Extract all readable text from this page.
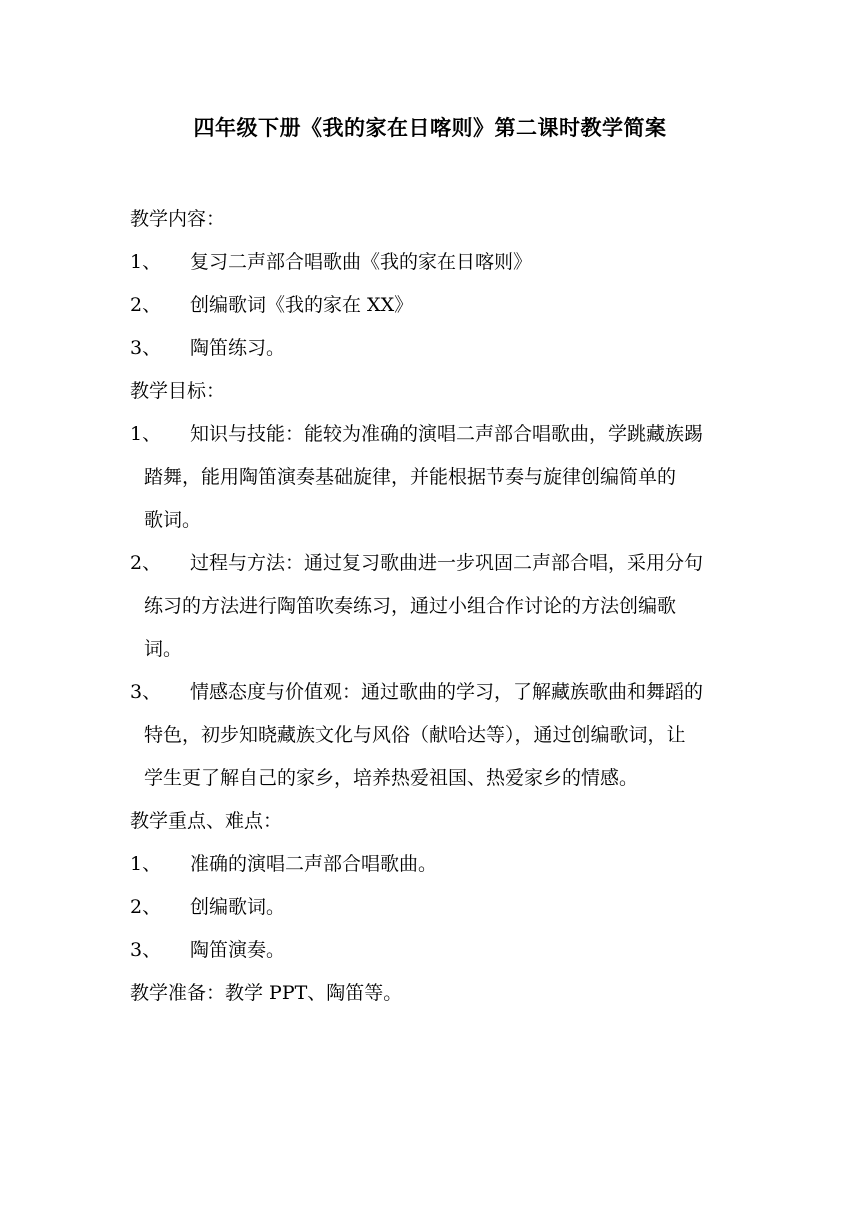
四年级下册《我的家在日喀则》第二课时教学简案

教学内容：

1、 复习二声部合唱歌曲《我的家在日喀则》

2、 创编歌词《我的家在 XX》

3、 陶笛练习。

教学目标：

1、 知识与技能：能较为准确的演唱二声部合唱歌曲，学跳藏族踢
踏舞，能用陶笛演奏基础旋律，并能根据节奏与旋律创编简单的
歌词。
2、 过程与方法：通过复习歌曲进一步巩固二声部合唱，采用分句
练习的方法进行陶笛吹奏练习，通过小组合作讨论的方法创编歌
词。
3、 情感态度与价值观：通过歌曲的学习，了解藏族歌曲和舞蹈的
特色，初步知晓藏族文化与风俗（献哈达等），通过创编歌词，让
学生更了解自己的家乡，培养热爱祖国、热爱家乡的情感。

教学重点、难点：

1、 准确的演唱二声部合唱歌曲。

2、 创编歌词。

3、 陶笛演奏。

教学准备：教学 PPT、陶笛等。
